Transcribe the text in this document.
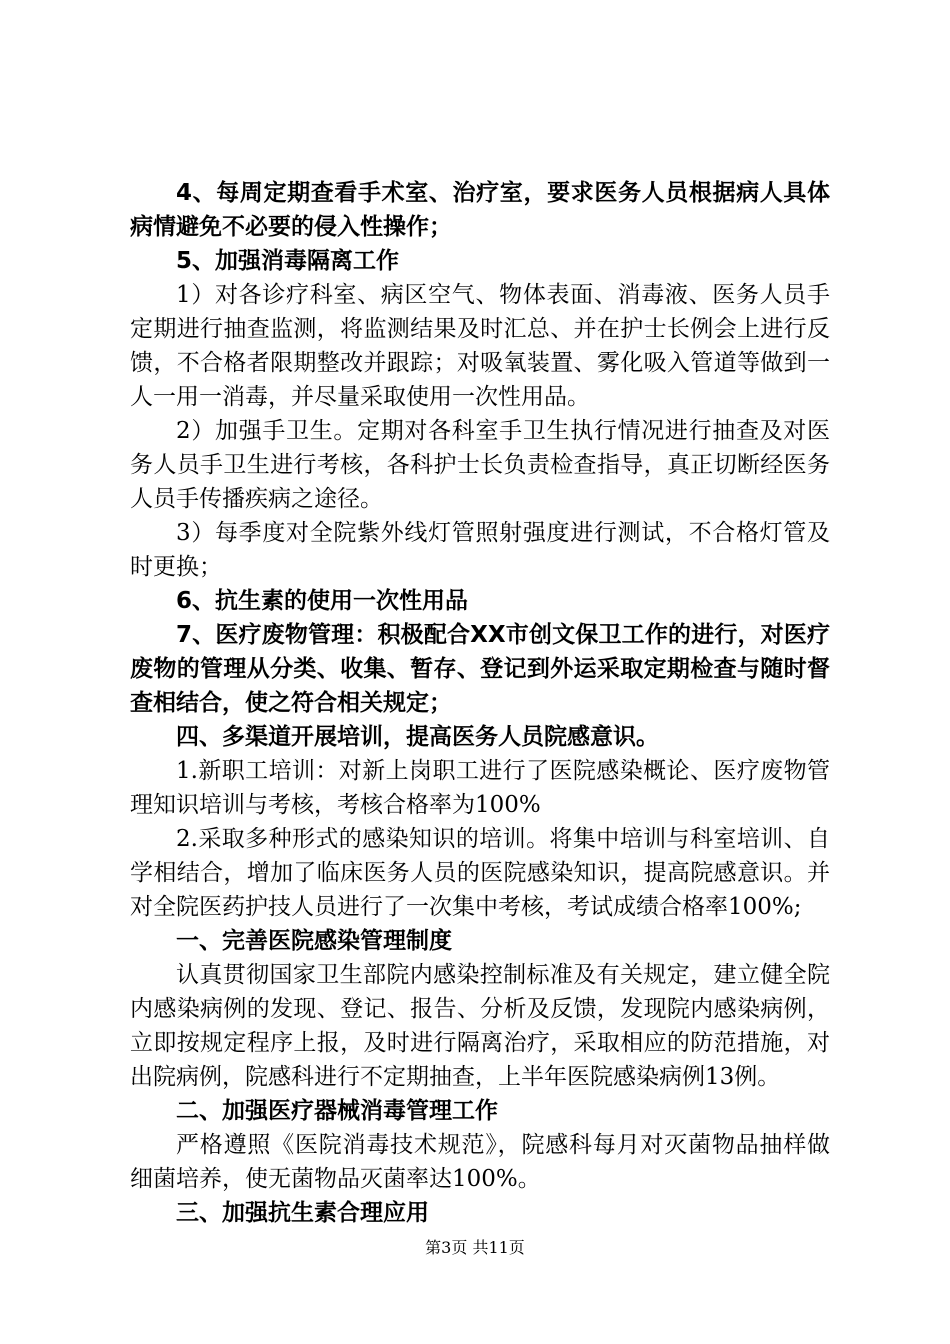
4、每周定期查看手术室、治疗室，要求医务人员根据病人具体病情避免不必要的侵入性操作；

5、加强消毒隔离工作

1）对各诊疗科室、病区空气、物体表面、消毒液、医务人员手定期进行抽查监测，将监测结果及时汇总、并在护士长例会上进行反馈，不合格者限期整改并跟踪；对吸氧装置、雾化吸入管道等做到一人一用一消毒，并尽量采取使用一次性用品。

2）加强手卫生。定期对各科室手卫生执行情况进行抽查及对医务人员手卫生进行考核，各科护士长负责检查指导，真正切断经医务人员手传播疾病之途径。

3）每季度对全院紫外线灯管照射强度进行测试，不合格灯管及时更换；

6、抗生素的使用一次性用品

7、医疗废物管理：积极配合XX市创文保卫工作的进行，对医疗废物的管理从分类、收集、暂存、登记到外运采取定期检查与随时督查相结合，使之符合相关规定；

四、多渠道开展培训，提高医务人员院感意识。

1.新职工培训：对新上岗职工进行了医院感染概论、医疗废物管理知识培训与考核，考核合格率为100%

2.采取多种形式的感染知识的培训。将集中培训与科室培训、自学相结合，增加了临床医务人员的医院感染知识，提高院感意识。并对全院医药护技人员进行了一次集中考核，考试成绩合格率100%;

一、完善医院感染管理制度

认真贯彻国家卫生部院内感染控制标准及有关规定，建立健全院内感染病例的发现、登记、报告、分析及反馈，发现院内感染病例，立即按规定程序上报，及时进行隔离治疗，采取相应的防范措施，对出院病例，院感科进行不定期抽查，上半年医院感染病例13例。

二、加强医疗器械消毒管理工作

严格遵照《医院消毒技术规范》，院感科每月对灭菌物品抽样做细菌培养，使无菌物品灭菌率达100%。

三、加强抗生素合理应用

第3页 共11页
